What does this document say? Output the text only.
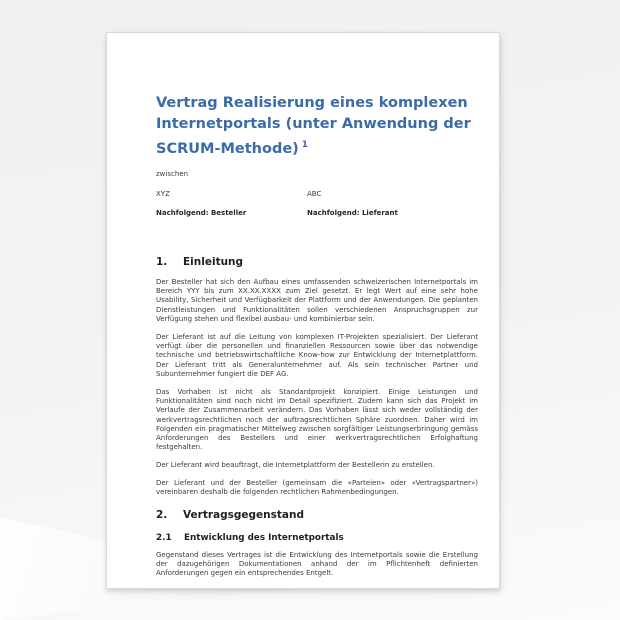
Vertrag Realisierung eines komplexen Internetportals (unter Anwendung der SCRUM-Methode) $^1$
zwischen
XYZ	ABC
Nachfolgend: Besteller	Nachfolgend: Lieferant
1.	Einleitung

Der Besteller hat sich den Aufbau eines umfassenden schweizerischen Internetportals im Bereich YYY bis zum XX.XX.XXXX zum Ziel gesetzt. Er legt Wert auf eine sehr hohe Usability, Sicherheit und Verfügbarkeit der Plattform und der Anwendungen. Die geplanten Dienstleistungen und Funktionalitäten sollen verschiedenen Anspruchsgruppen zur Verfügung stehen und flexibel ausbau- und kombinierbar sein.

Der Lieferant ist auf die Leitung von komplexen IT-Projekten spezialisiert. Der Lieferant verfügt über die personellen und finanziellen Ressourcen sowie über das notwendige technische und betriebswirtschaftliche Know-how zur Entwicklung der Internetplattform. Der Lieferant tritt als Generalunternehmer auf. Als sein technischer Partner und Subunternehmer fungiert die DEF AG.

Das Vorhaben ist nicht als Standardprojekt konzipiert. Einige Leistungen und Funktionalitäten sind noch nicht im Detail spezifiziert. Zudem kann sich das Projekt im Verlaufe der Zusammenarbeit verändern. Das Vorhaben lässt sich weder vollständig der werkvertragsrechtlichen noch der auftragsrechtlichen Sphäre zuordnen. Daher wird im Folgenden ein pragmatischer Mittelweg zwischen sorgfältiger Leistungserbringung gemäss Anforderungen des Bestellers und einer werkvertragsrechtlichen Erfolghaftung festgehalten.

Der Lieferant wird beauftragt, die Internetplattform der Bestellerin zu erstellen.

Der Lieferant und der Besteller (gemeinsam die «Parteien» oder «Vertragspartner») vereinbaren deshalb die folgenden rechtlichen Rahmenbedingungen.

2.	Vertragsgegenstand
2.1	Entwicklung des Internetportals

Gegenstand dieses Vertrages ist die Entwicklung des Internetportals sowie die Erstellung der dazugehörigen Dokumentationen anhand der im Pflichtenheft definierten Anforderungen gegen ein entsprechendes Entgelt.
